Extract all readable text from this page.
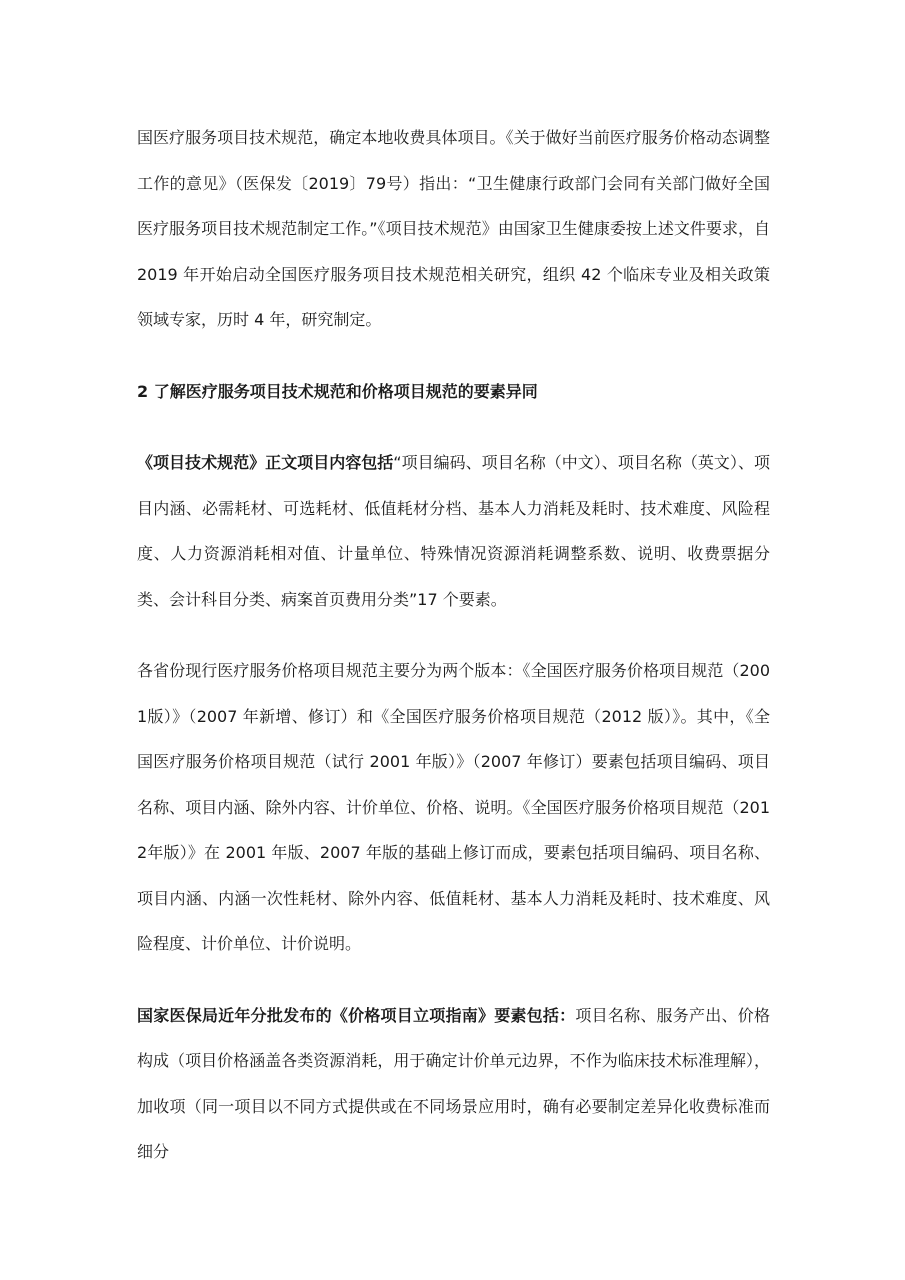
国医疗服务项目技术规范，确定本地收费具体项目。《关于做好当前医疗服务价格动态调整工作的意见》（医保发〔2019〕79号）指出：“卫生健康行政部门会同有关部门做好全国医疗服务项目技术规范制定工作。”《项目技术规范》由国家卫生健康委按上述文件要求，自 2019 年开始启动全国医疗服务项目技术规范相关研究，组织 42 个临床专业及相关政策领域专家，历时 4 年，研究制定。

2 了解医疗服务项目技术规范和价格项目规范的要素异同

《项目技术规范》正文项目内容包括“项目编码、项目名称（中文）、项目名称（英文）、项目内涵、必需耗材、可选耗材、低值耗材分档、基本人力消耗及耗时、技术难度、风险程度、人力资源消耗相对值、计量单位、特殊情况资源消耗调整系数、说明、收费票据分类、会计科目分类、病案首页费用分类”17 个要素。

各省份现行医疗服务价格项目规范主要分为两个版本：《全国医疗服务价格项目规范（2001版）》（2007 年新增、修订）和《全国医疗服务价格项目规范（2012 版）》。其中，《全国医疗服务价格项目规范（试行 2001 年版）》（2007 年修订）要素包括项目编码、项目名称、项目内涵、除外内容、计价单位、价格、说明。《全国医疗服务价格项目规范（2012年版）》在 2001 年版、2007 年版的基础上修订而成，要素包括项目编码、项目名称、项目内涵、内涵一次性耗材、除外内容、低值耗材、基本人力消耗及耗时、技术难度、风险程度、计价单位、计价说明。

国家医保局近年分批发布的《价格项目立项指南》要素包括：项目名称、服务产出、价格构成（项目价格涵盖各类资源消耗，用于确定计价单元边界，不作为临床技术标准理解），加收项（同一项目以不同方式提供或在不同场景应用时，确有必要制定差异化收费标准而细分
